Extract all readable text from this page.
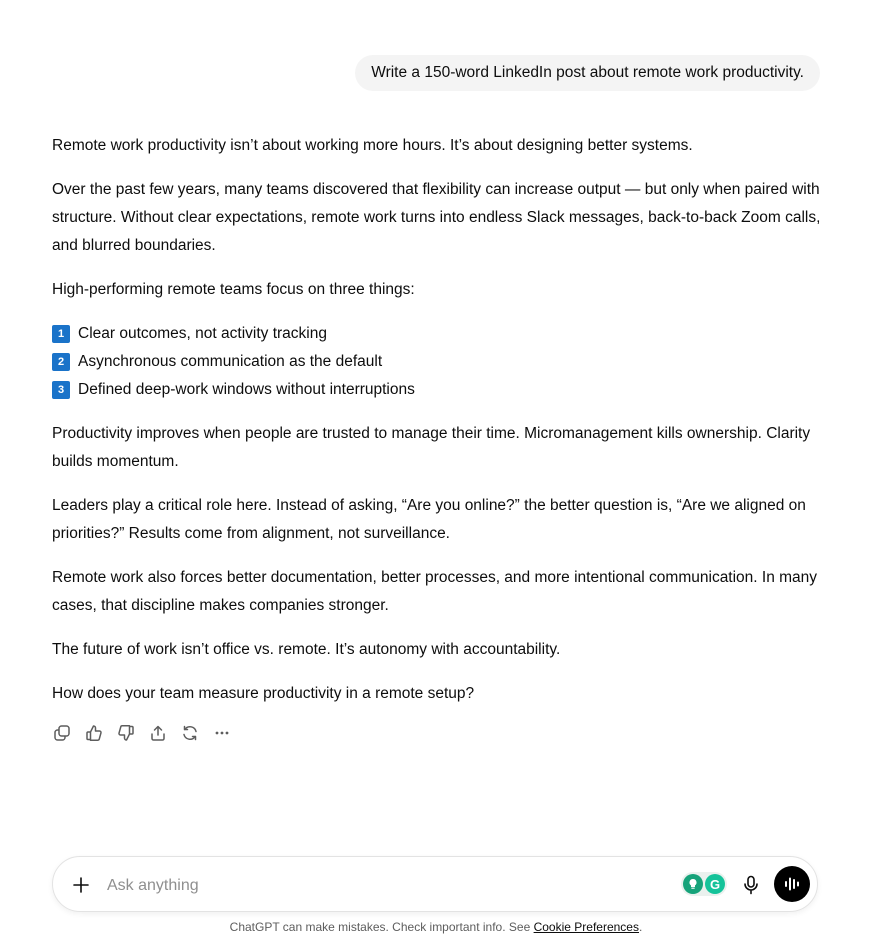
Write a 150-word LinkedIn post about remote work productivity.

Remote work productivity isn’t about working more hours. It’s about designing better systems.

Over the past few years, many teams discovered that flexibility can increase output — but only when paired with structure. Without clear expectations, remote work turns into endless Slack messages, back-to-back Zoom calls, and blurred boundaries.

High-performing remote teams focus on three things:

1 Clear outcomes, not activity tracking
2 Asynchronous communication as the default
3 Defined deep-work windows without interruptions

Productivity improves when people are trusted to manage their time. Micromanagement kills ownership. Clarity builds momentum.

Leaders play a critical role here. Instead of asking, “Are you online?” the better question is, “Are we aligned on priorities?” Results come from alignment, not surveillance.

Remote work also forces better documentation, better processes, and more intentional communication. In many cases, that discipline makes companies stronger.

The future of work isn’t office vs. remote. It’s autonomy with accountability.

How does your team measure productivity in a remote setup?

Ask anything
G
ChatGPT can make mistakes. Check important info. See Cookie Preferences.
